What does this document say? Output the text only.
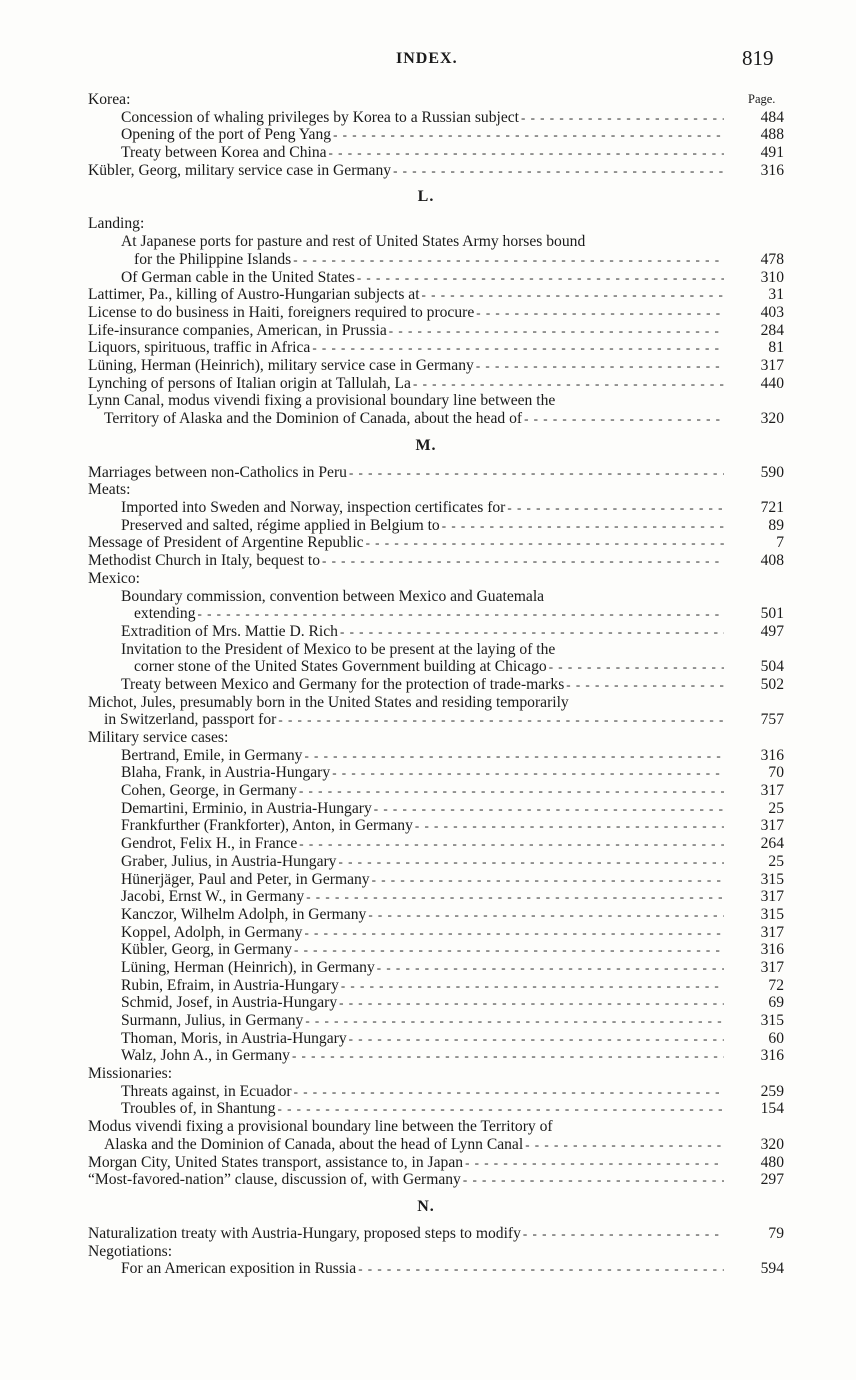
INDEX.	819
Page.
Korea:
Concession of whaling privileges by Korea to a Russian subject - - -	484
Opening of the port of Peng Yang - - -	488
Treaty between Korea and China - - -	491
Kübler, Georg, military service case in Germany - - -	316
L.
Landing:
At Japanese ports for pasture and rest of United States Army horses bound
for the Philippine Islands - - -	478
Of German cable in the United States - - -	310
Lattimer, Pa., killing of Austro-Hungarian subjects at - - -	31
License to do business in Haiti, foreigners required to procure - - -	403
Life-insurance companies, American, in Prussia - - -	284
Liquors, spirituous, traffic in Africa - - -	81
Lüning, Herman (Heinrich), military service case in Germany - - -	317
Lynching of persons of Italian origin at Tallulah, La - - -	440
Lynn Canal, modus vivendi fixing a provisional boundary line between the
Territory of Alaska and the Dominion of Canada, about the head of - - -	320
M.
Marriages between non-Catholics in Peru - - -	590
Meats:
Imported into Sweden and Norway, inspection certificates for - - -	721
Preserved and salted, régime applied in Belgium to - - -	89
Message of President of Argentine Republic - - -	7
Methodist Church in Italy, bequest to - - -	408
Mexico:
Boundary commission, convention between Mexico and Guatemala
extending - - -	501
Extradition of Mrs. Mattie D. Rich - - -	497
Invitation to the President of Mexico to be present at the laying of the
corner stone of the United States Government building at Chicago - - -	504
Treaty between Mexico and Germany for the protection of trade-marks - - -	502
Michot, Jules, presumably born in the United States and residing temporarily
in Switzerland, passport for - - -	757
Military service cases:
Bertrand, Emile, in Germany - - -	316
Blaha, Frank, in Austria-Hungary - - -	70
Cohen, George, in Germany - - -	317
Demartini, Erminio, in Austria-Hungary - - -	25
Frankfurther (Frankforter), Anton, in Germany - - -	317
Gendrot, Felix H., in France - - -	264
Graber, Julius, in Austria-Hungary - - -	25
Hünerjäger, Paul and Peter, in Germany - - -	315
Jacobi, Ernst W., in Germany - - -	317
Kanczor, Wilhelm Adolph, in Germany - - -	315
Koppel, Adolph, in Germany - - -	317
Kübler, Georg, in Germany - - -	316
Lüning, Herman (Heinrich), in Germany - - -	317
Rubin, Efraim, in Austria-Hungary - - -	72
Schmid, Josef, in Austria-Hungary - - -	69
Surmann, Julius, in Germany - - -	315
Thoman, Moris, in Austria-Hungary - - -	60
Walz, John A., in Germany - - -	316
Missionaries:
Threats against, in Ecuador - - -	259
Troubles of, in Shantung - - -	154
Modus vivendi fixing a provisional boundary line between the Territory of
Alaska and the Dominion of Canada, about the head of Lynn Canal - - -	320
Morgan City, United States transport, assistance to, in Japan - - -	480
“Most-favored-nation” clause, discussion of, with Germany - - -	297
N.
Naturalization treaty with Austria-Hungary, proposed steps to modify - - -	79
Negotiations:
For an American exposition in Russia - - -	594
